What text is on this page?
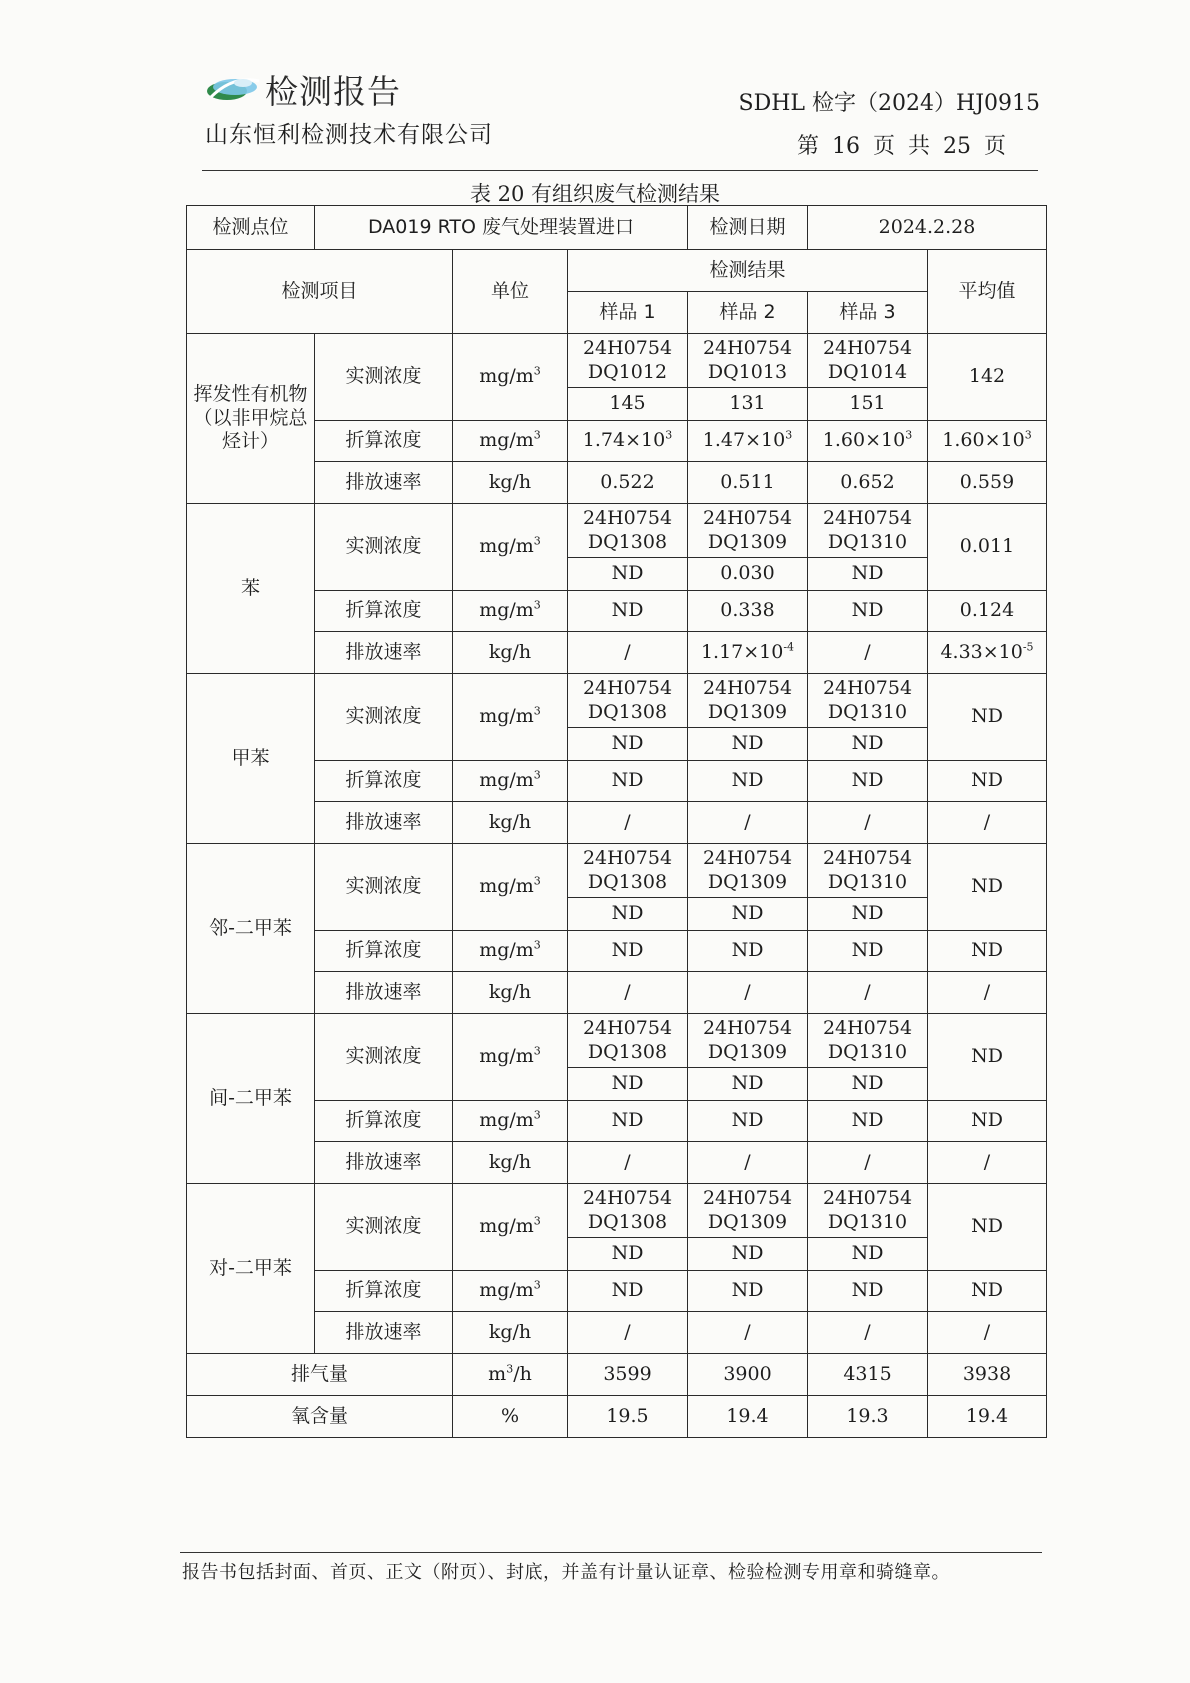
检测报告
山东恒利检测技术有限公司
SDHL 检字（2024）HJ0915
第 16 页 共 25 页
表 20 有组织废气检测结果
检测点位	DA019 RTO 废气处理装置进口			检测日期	2024.2.28	
检测项目		单位	检测结果			平均值
			样品 1	样品 2	样品 3	
挥发性有机物（以非甲烷总烃计）	实测浓度	$mg/m^3$	24H0754 DQ1012	24H0754 DQ1013	24H0754 DQ1014	142
			145	131	151	
	折算浓度	$mg/m^3$	$1.74\times 10^3$	$1.47\times 10^3$	$1.60\times 10^3$	$1.60\times 10^3$
	排放速率	kg/h	0.522	0.511	0.652	0.559
苯	实测浓度	$mg/m^3$	24H0754 DQ1308	24H0754 DQ1309	24H0754 DQ1310	0.011
			ND	0.030	ND	
	折算浓度	$mg/m^3$	ND	0.338	ND	0.124
	排放速率	kg/h	/	$1.17\times 10^{-4}$	/	$4.33\times 10^{-5}$
甲苯	实测浓度	$mg/m^3$	24H0754 DQ1308	24H0754 DQ1309	24H0754 DQ1310	ND
			ND	ND	ND	
	折算浓度	$mg/m^3$	ND	ND	ND	ND
	排放速率	kg/h	/	/	/	/
邻-二甲苯	实测浓度	$mg/m^3$	24H0754 DQ1308	24H0754 DQ1309	24H0754 DQ1310	ND
			ND	ND	ND	
	折算浓度	$mg/m^3$	ND	ND	ND	ND
	排放速率	kg/h	/	/	/	/
间-二甲苯	实测浓度	$mg/m^3$	24H0754 DQ1308	24H0754 DQ1309	24H0754 DQ1310	ND
			ND	ND	ND	
	折算浓度	$mg/m^3$	ND	ND	ND	ND
	排放速率	kg/h	/	/	/	/
对-二甲苯	实测浓度	$mg/m^3$	24H0754 DQ1308	24H0754 DQ1309	24H0754 DQ1310	ND
			ND	ND	ND	
	折算浓度	$mg/m^3$	ND	ND	ND	ND
	排放速率	kg/h	/	/	/	/
排气量		$m^3/h$	3599	3900	4315	3938
氧含量		%	19.5	19.4	19.3	19.4
报告书包括封面、首页、正文（附页）、封底，并盖有计量认证章、检验检测专用章和骑缝章。
